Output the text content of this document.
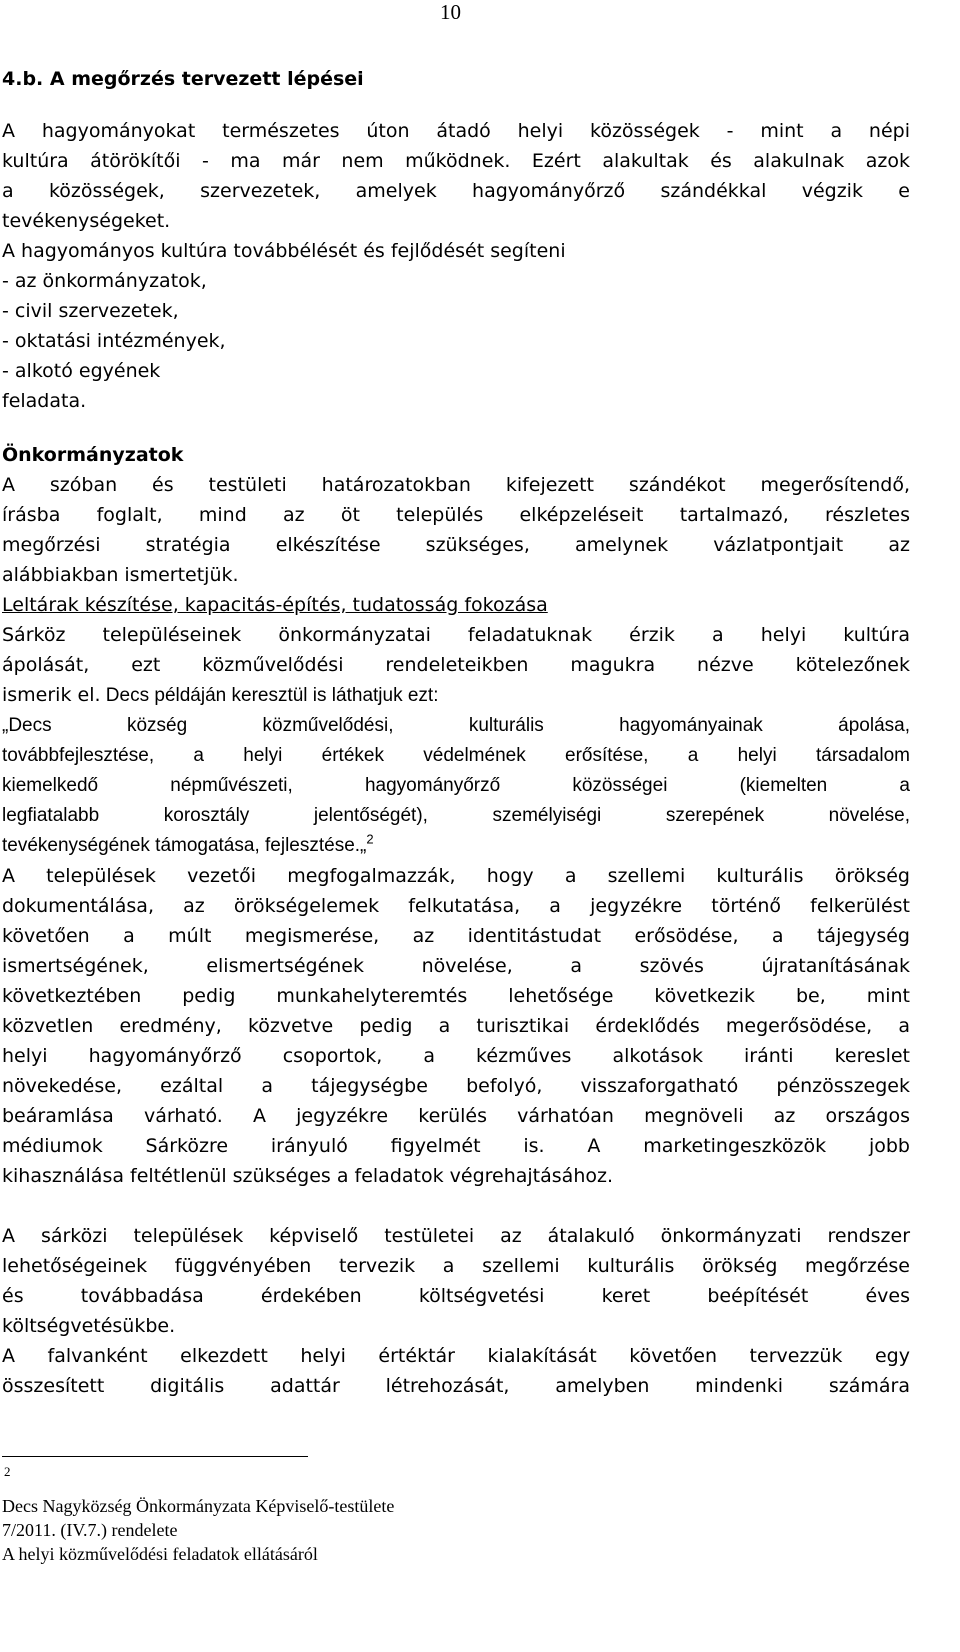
10

4.b. A megőrzés tervezett lépései

A hagyományokat természetes úton átadó helyi közösségek - mint a népi
kultúra átörökítői - ma már nem működnek. Ezért alakultak és alakulnak azok
a közösségek, szervezetek, amelyek hagyományőrző szándékkal végzik e
tevékenységeket.
A hagyományos kultúra továbbélését és fejlődését segíteni
- az önkormányzatok,
- civil szervezetek,
- oktatási intézmények,
- alkotó egyének
feladata.
Önkormányzatok
A szóban és testületi határozatokban kifejezett szándékot megerősítendő,
írásba foglalt, mind az öt település elképzeléseit tartalmazó, részletes
megőrzési stratégia elkészítése szükséges, amelynek vázlatpontjait az
alábbiakban ismertetjük.
Leltárak készítése, kapacitás-építés, tudatosság fokozása
Sárköz településeinek önkormányzatai feladatuknak érzik a helyi kultúra
ápolását, ezt közművelődési rendeleteikben magukra nézve kötelezőnek
ismerik el. Decs példáján keresztül is láthatjuk ezt:
„Decs község közművelődési, kulturális hagyományainak ápolása,
továbbfejlesztése, a helyi értékek védelmének erősítése, a helyi társadalom
kiemelkedő népművészeti, hagyományőrző közösségei (kiemelten a
legfiatalabb korosztály jelentőségét), személyiségi szerepének növelése,
tevékenységének támogatása, fejlesztése.„$^2$
A települések vezetői megfogalmazzák, hogy a szellemi kulturális örökség
dokumentálása, az örökségelemek felkutatása, a jegyzékre történő felkerülést
követően a múlt megismerése, az identitástudat erősödése, a tájegység
ismertségének, elismertségének növelése, a szövés újratanításának
következtében pedig munkahelyteremtés lehetősége következik be, mint
közvetlen eredmény, közvetve pedig a turisztikai érdeklődés megerősödése, a
helyi hagyományőrző csoportok, a kézműves alkotások iránti kereslet
növekedése, ezáltal a tájegységbe befolyó, visszaforgatható pénzösszegek
beáramlása várható. A jegyzékre kerülés várhatóan megnöveli az országos
médiumok Sárközre irányuló figyelmét is. A marketingeszközök jobb
kihasználása feltétlenül szükséges a feladatok végrehajtásához.
A sárközi települések képviselő testületei az átalakuló önkormányzati rendszer
lehetőségeinek függvényében tervezik a szellemi kulturális örökség megőrzése
és továbbadása érdekében költségvetési keret beépítését éves
költségvetésükbe.
A falvanként elkezdett helyi értéktár kialakítását követően tervezzük egy
összesített digitális adattár létrehozását, amelyben mindenki számára
2
Decs Nagyközség Önkormányzata Képviselő-testülete
7/2011. (IV.7.) rendelete
A helyi közművelődési feladatok ellátásáról
